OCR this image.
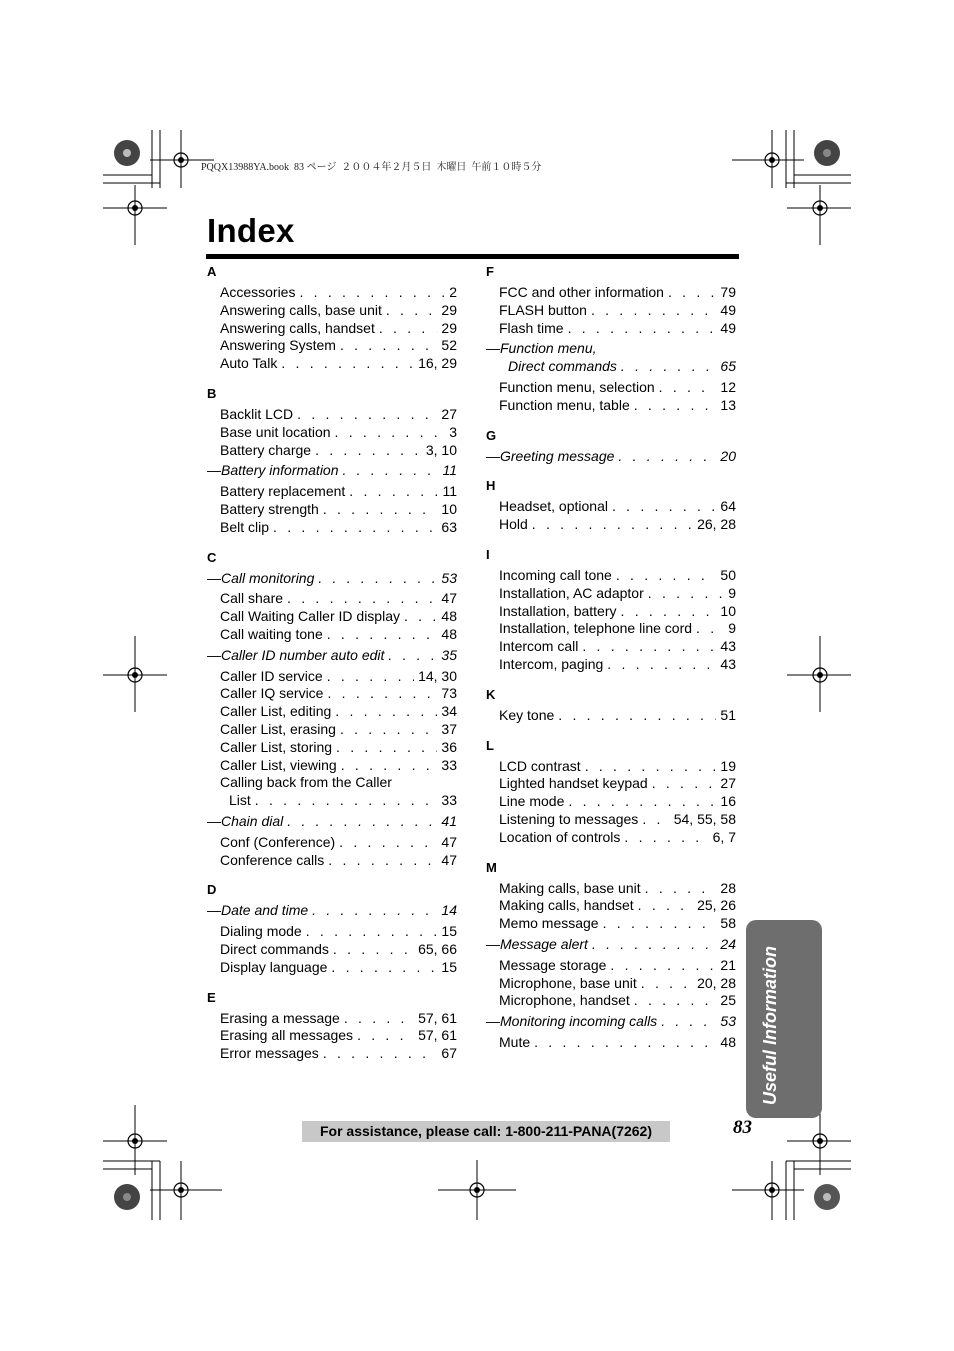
PQQX13988YA.book  83 ページ  ２００４年２月５日  木曜日  午前１０時５分
Index
A
Accessories . . .	2
Answering calls, base unit . . .	29
Answering calls, handset . . .	29
Answering System . . .	52
Auto Talk . . .	16, 29
B
Backlit LCD . . .	27
Base unit location . . .	3
Battery charge . . .	3, 10
— Battery information . . .	11
Battery replacement . . .	11
Battery strength . . .	10
Belt clip . . .	63
C
— Call monitoring . . .	53
Call share . . .	47
Call Waiting Caller ID display . . .	48
Call waiting tone . . .	48
— Caller ID number auto edit . . .	35
Caller ID service . . .	14, 30
Caller IQ service . . .	73
Caller List, editing . . .	34
Caller List, erasing . . .	37
Caller List, storing . . .	36
Caller List, viewing . . .	33
Calling back from the Caller
List . . .	33
— Chain dial . . .	41
Conf (Conference) . . .	47
Conference calls . . .	47
D
— Date and time . . .	14
Dialing mode . . .	15
Direct commands . . .	65, 66
Display language . . .	15
E
Erasing a message . . .	57, 61
Erasing all messages . . .	57, 61
Error messages . . .	67
F
FCC and other information . . .	79
FLASH button . . .	49
Flash time . . .	49
— Function menu,
Direct commands . . .	65
Function menu, selection . . .	12
Function menu, table . . .	13
G
— Greeting message . . .	20
H
Headset, optional . . .	64
Hold . . .	26, 28
I
Incoming call tone . . .	50
Installation, AC adaptor . . .	9
Installation, battery . . .	10
Installation, telephone line cord . . .	9
Intercom call . . .	43
Intercom, paging . . .	43
K
Key tone . . .	51
L
LCD contrast . . .	19
Lighted handset keypad . . .	27
Line mode . . .	16
Listening to messages . . .	54, 55, 58
Location of controls . . .	6, 7
M
Making calls, base unit . . .	28
Making calls, handset . . .	25, 26
Memo message . . .	58
— Message alert . . .	24
Message storage . . .	21
Microphone, base unit . . .	20, 28
Microphone, handset . . .	25
— Monitoring incoming calls . . .	53
Mute . . .	48 Useful Information
For assistance, please call: 1-800-211-PANA(7262)	83
